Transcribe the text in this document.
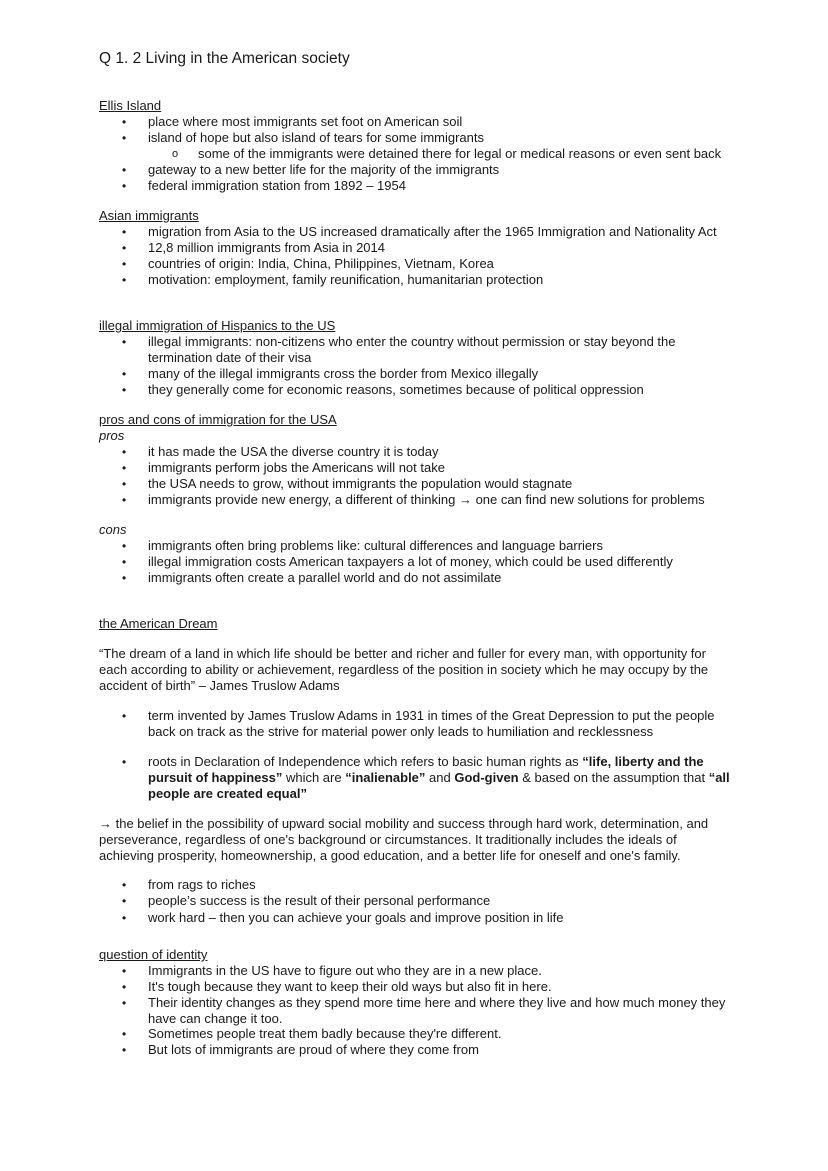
Q 1. 2 Living in the American society
Ellis Island
•	place where most immigrants set foot on American soil
•	island of hope but also island of tears for some immigrants
o some of the immigrants were detained there for legal or medical reasons or even sent back
•	gateway to a new better life for the majority of the immigrants
•	federal immigration station from 1892 – 1954
Asian immigrants
•	migration from Asia to the US increased dramatically after the 1965 Immigration and Nationality Act
•	12,8 million immigrants from Asia in 2014
•	countries of origin: India, China, Philippines, Vietnam, Korea
•	motivation: employment, family reunification, humanitarian protection
illegal immigration of Hispanics to the US
•	illegal immigrants: non-citizens who enter the country without permission or stay beyond the termination date of their visa
•	many of the illegal immigrants cross the border from Mexico illegally
•	they generally come for economic reasons, sometimes because of political oppression
pros and cons of immigration for the USA
pros
•	it has made the USA the diverse country it is today
•	immigrants perform jobs the Americans will not take
•	the USA needs to grow, without immigrants the population would stagnate
•	immigrants provide new energy, a different of thinking → one can find new solutions for problems
cons
•	immigrants often bring problems like: cultural differences and language barriers
•	illegal immigration costs American taxpayers a lot of money, which could be used differently
•	immigrants often create a parallel world and do not assimilate
the American Dream
“The dream of a land in which life should be better and richer and fuller for every man, with opportunity for each according to ability or achievement, regardless of the position in society which he may occupy by the accident of birth” – James Truslow Adams
•	term invented by James Truslow Adams in 1931 in times of the Great Depression to put the people back on track as the strive for material power only leads to humiliation and recklessness
•	roots in Declaration of Independence which refers to basic human rights as “life, liberty and the pursuit of happiness” which are “inalienable” and God-given & based on the assumption that “all people are created equal”
→ the belief in the possibility of upward social mobility and success through hard work, determination, and perseverance, regardless of one's background or circumstances. It traditionally includes the ideals of achieving prosperity, homeownership, a good education, and a better life for oneself and one's family.
•	from rags to riches
•	people’s success is the result of their personal performance
•	work hard – then you can achieve your goals and improve position in life
question of identity
•	Immigrants in the US have to figure out who they are in a new place.
•	It's tough because they want to keep their old ways but also fit in here.
•	Their identity changes as they spend more time here and where they live and how much money they have can change it too.
•	Sometimes people treat them badly because they're different.
•	But lots of immigrants are proud of where they come from
